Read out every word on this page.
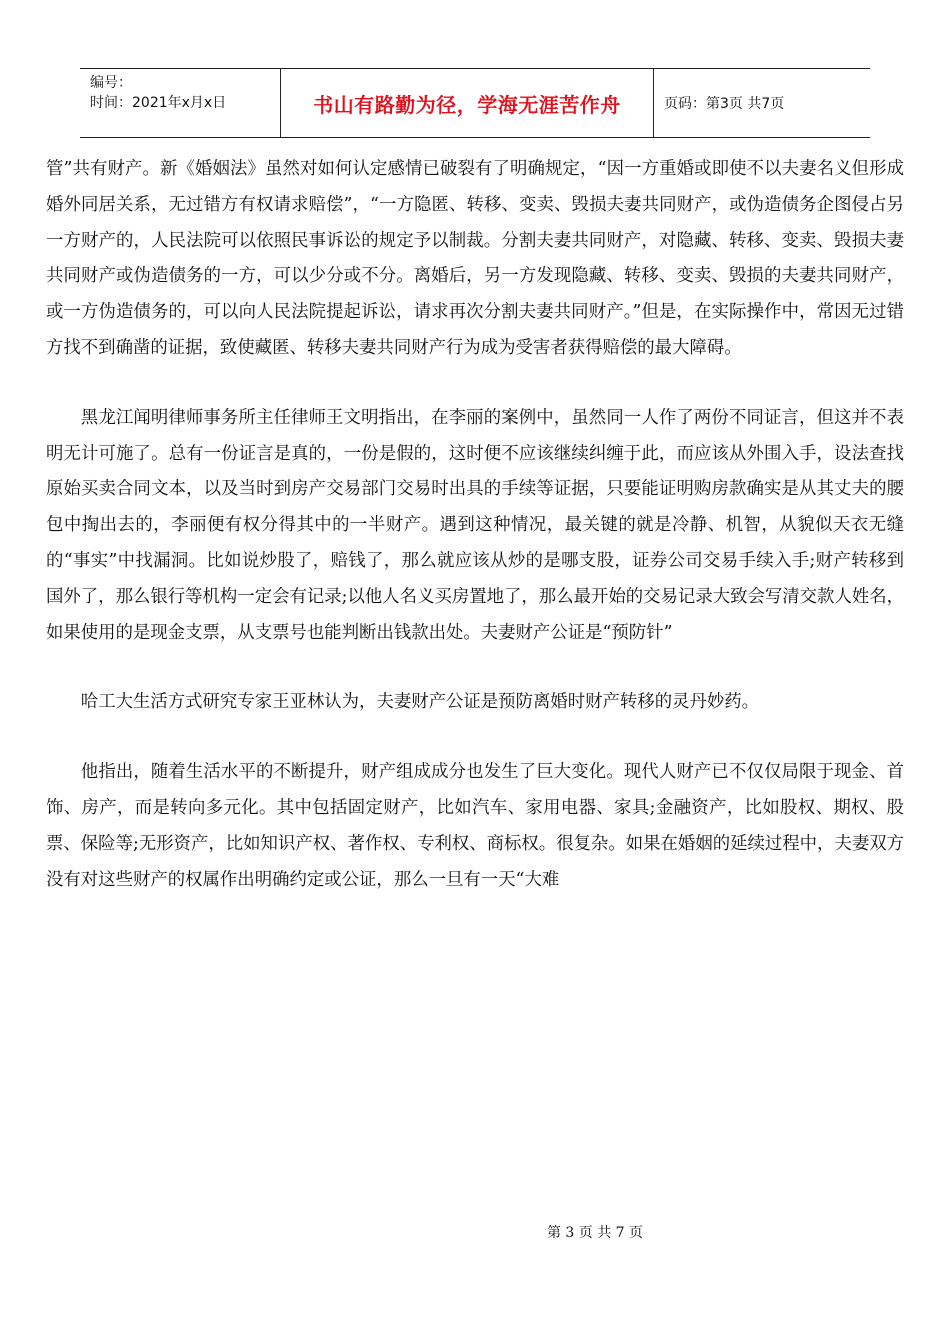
编号：
时间：2021年x月x日	书山有路勤为径，学海无涯苦作舟	页码：第3页 共7页

管”共有财产。新《婚姻法》虽然对如何认定感情已破裂有了明确规定，“因一方重婚或即使不以夫妻名义但形成婚外同居关系，无过错方有权请求赔偿”，“一方隐匿、转移、变卖、毁损夫妻共同财产，或伪造债务企图侵占另一方财产的，人民法院可以依照民事诉讼的规定予以制裁。分割夫妻共同财产，对隐藏、转移、变卖、毁损夫妻共同财产或伪造债务的一方，可以少分或不分。离婚后，另一方发现隐藏、转移、变卖、毁损的夫妻共同财产，或一方伪造债务的，可以向人民法院提起诉讼，请求再次分割夫妻共同财产。”但是，在实际操作中，常因无过错方找不到确凿的证据，致使藏匿、转移夫妻共同财产行为成为受害者获得赔偿的最大障碍。

黑龙江闻明律师事务所主任律师王文明指出，在李丽的案例中，虽然同一人作了两份不同证言，但这并不表明无计可施了。总有一份证言是真的，一份是假的，这时便不应该继续纠缠于此，而应该从外围入手，设法查找原始买卖合同文本，以及当时到房产交易部门交易时出具的手续等证据，只要能证明购房款确实是从其丈夫的腰包中掏出去的，李丽便有权分得其中的一半财产。遇到这种情况，最关键的就是冷静、机智，从貌似天衣无缝的“事实”中找漏洞。比如说炒股了，赔钱了，那么就应该从炒的是哪支股，证券公司交易手续入手;财产转移到国外了，那么银行等机构一定会有记录;以他人名义买房置地了，那么最开始的交易记录大致会写清交款人姓名，如果使用的是现金支票，从支票号也能判断出钱款出处。夫妻财产公证是“预防针”

哈工大生活方式研究专家王亚林认为，夫妻财产公证是预防离婚时财产转移的灵丹妙药。

他指出，随着生活水平的不断提升，财产组成成分也发生了巨大变化。现代人财产已不仅仅局限于现金、首饰、房产，而是转向多元化。其中包括固定财产，比如汽车、家用电器、家具;金融资产，比如股权、期权、股票、保险等;无形资产，比如知识产权、著作权、专利权、商标权。很复杂。如果在婚姻的延续过程中，夫妻双方没有对这些财产的权属作出明确约定或公证，那么一旦有一天“大难

第 3 页 共 7 页
